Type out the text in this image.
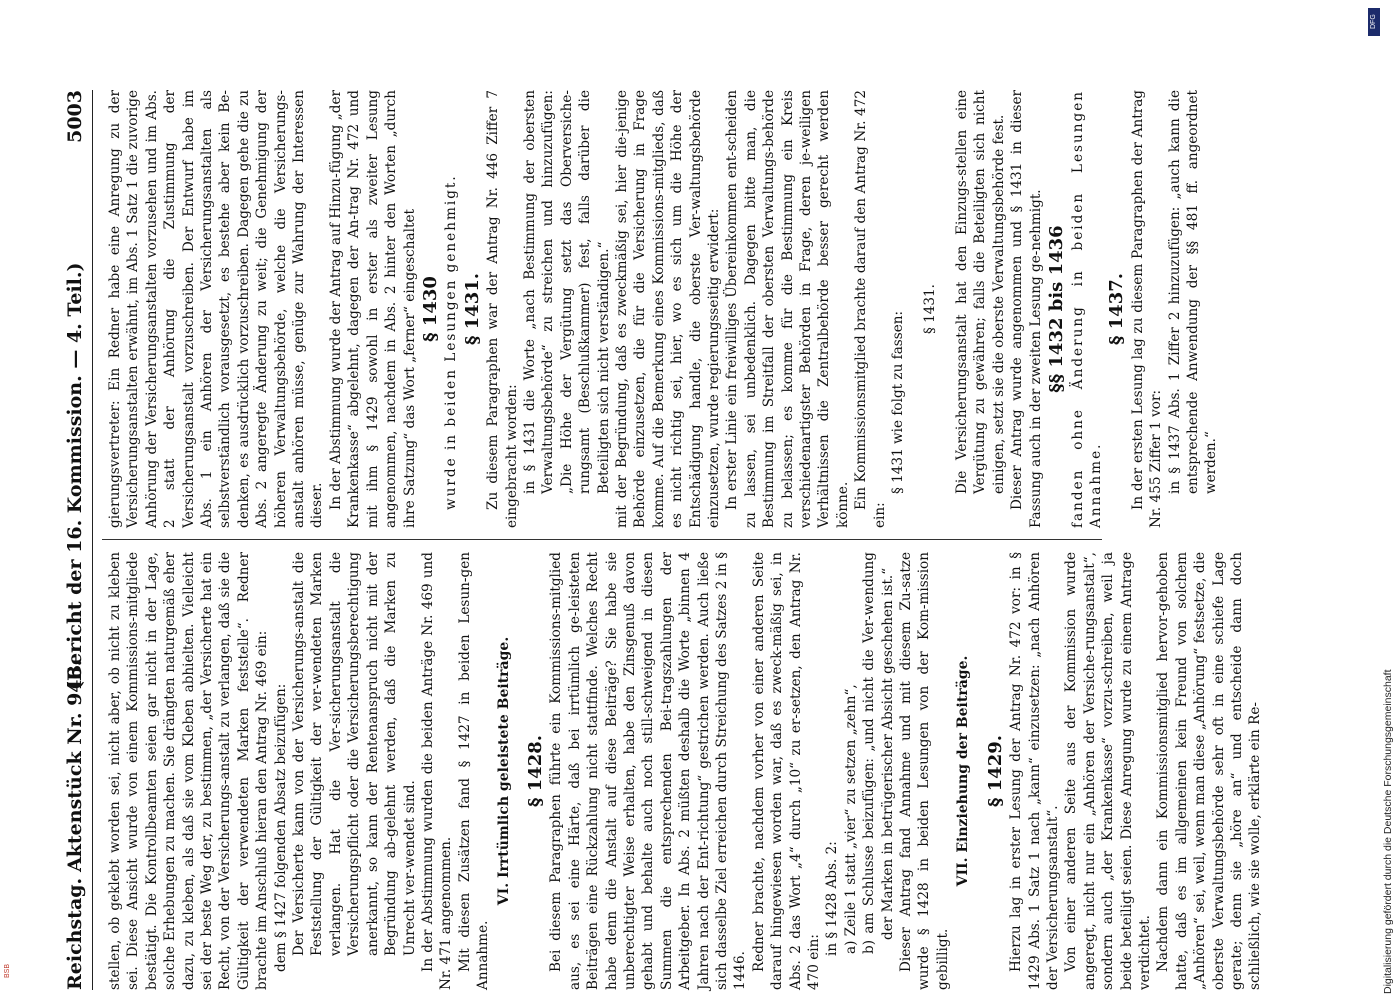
Reichstag.
Aktenstück Nr. 946.
(Bericht der 16. Kommission. — 4. Teil.)
5003

stellen, ob geklebt worden sei, nicht aber, ob nicht zu kleben sei. Diese Ansicht wurde von einem Kommissions-mitgliede bestätigt. Die Kontrollbeamten seien gar nicht in der Lage, solche Erhebungen zu machen. Sie drängten naturgemäß eher dazu, zu kleben, als daß sie vom Kleben abhielten. Vielleicht sei der beste Weg der, zu bestimmen, „der Versicherte hat ein Recht, von der Versicherungs-anstalt zu verlangen, daß sie die Gültigkeit der verwendeten Marken feststelle“. Redner brachte im Anschluß hieran den Antrag Nr. 469 ein: dem § 1427 folgenden Absatz beizufügen: Der Versicherte kann von der Versicherungs-anstalt die Feststellung der Gültigkeit der ver-wendeten Marken verlangen. Hat die Ver-sicherungsanstalt die Versicherungspflicht oder die Versicherungsberechtigung anerkannt, so kann der Rentenanspruch nicht mit der Begründung ab-gelehnt werden, daß die Marken zu Unrecht ver-wendet sind. In der Abstimmung wurden die beiden Anträge Nr. 469 und Nr. 471 angenommen. Mit diesen Zusätzen fand § 1427 in beiden Lesun-gen Annahme.

VI. Irrtümlich geleistete Beiträge. § 1428. Bei diesem Paragraphen führte ein Kommissions-mitglied aus, es sei eine Härte, daß bei irrtümlich ge-leisteten Beiträgen eine Rückzahlung nicht stattfinde. Welches Recht habe denn die Anstalt auf diese Beiträge? Sie habe sie unberechtigter Weise erhalten, habe den Zinsgenuß davon gehabt und behalte auch noch still-schweigend in diesen Summen die entsprechenden Bei-tragszahlungen der Arbeitgeber. In Abs. 2 müßten deshalb die Worte „binnen 4 Jahren nach der Ent-richtung“ gestrichen werden. Auch ließe sich dasselbe Ziel erreichen durch Streichung des Satzes 2 in § 1446. Redner brachte, nachdem vorher von einer anderen Seite darauf hingewiesen worden war, daß es zweck-mäßig sei, in Abs. 2 das Wort „4“ durch „10“ zu er-setzen, den Antrag Nr. 470 ein:

in § 1428 Abs. 2: a) Zeile 1 statt „vier“ zu setzen „zehn“, b) am Schlusse beizufügen: „und nicht die Ver-wendung der Marken in betrügerischer Absicht geschehen ist.“ Dieser Antrag fand Annahme und mit diesem Zu-satze wurde § 1428 in beiden Lesungen von der Kom-mission gebilligt.

VII. Einziehung der Beiträge. § 1429. Hierzu lag in erster Lesung der Antrag Nr. 472 vor: in § 1429 Abs. 1 Satz 1 nach „kann“ einzusetzen: „nach Anhören der Versicherungsanstalt“. Von einer anderen Seite aus der Kommission wurde angeregt, nicht nur ein „Anhören der Versiche-rungsanstalt“, sondern auch „der Krankenkasse“ vorzu-schreiben, weil ja beide beteiligt seien. Diese Anregung wurde zu einem Antrage verdichtet. Nachdem dann ein Kommissionsmitglied hervor-gehoben hatte, daß es im allgemeinen kein Freund von solchem „Anhören“ sei, weil, wenn man diese „Anhörung“ festsetze, die oberste Verwaltungsbehörde sehr oft in eine schiefe Lage gerate; denn sie „höre an“ und entscheide dann doch schließlich, wie sie wolle, erklärte ein Re-

gierungsvertreter: Ein Redner habe eine Anregung zu der Versicherungsanstalten erwähnt, im Abs. 1 Satz 1 die zuvorige Anhörung der Versicherungsanstalten vorzusehen und im Abs. 2 statt der Anhörung die Zustimmung der Versicherungsanstalt vorzuschreiben. Der Entwurf habe im Abs. 1 ein Anhören der Versicherungsanstalten als selbstverständlich vorausgesetzt, es bestehe aber kein Be-denken, es ausdrücklich vorzuschreiben. Dagegen gehe die zu Abs. 2 angeregte Änderung zu weit; die Genehmigung der höheren Verwaltungsbehörde, welche die Versicherungs-anstalt anhören müsse, genüge zur Wahrung der Interessen dieser. In der Abstimmung wurde der Antrag auf Hinzu-fügung „der Krankenkasse“ abgelehnt, dagegen der An-trag Nr. 472 und mit ihm § 1429 sowohl in erster als zweiter Lesung angenommen, nachdem in Abs. 2 hinter den Worten „durch ihre Satzung“ das Wort „ferner“ eingeschaltet § 1430 wurde in beiden Lesungen genehmigt. § 1431. Zu diesem Paragraphen war der Antrag Nr. 446 Ziffer 7 eingebracht worden: in § 1431 die Worte „nach Bestimmung der obersten Verwaltungsbehörde“ zu streichen und hinzuzufügen: „Die Höhe der Vergütung setzt das Oberversiche-rungsamt (Beschlußkammer) fest, falls darüber die Beteiligten sich nicht verständigen.“ mit der Begründung, daß es zweckmäßig sei, hier die-jenige Behörde einzusetzen, die für die Versicherung in Frage komme. Auf die Bemerkung eines Kommissions-mitglieds, daß es nicht richtig sei, hier, wo es sich um die Höhe der Entschädigung handle, die oberste Ver-waltungsbehörde einzusetzen, wurde regierungsseitig erwidert: In erster Linie ein freiwilliges Übereinkommen ent-scheiden zu lassen, sei unbedenklich. Dagegen bitte man, die Bestimmung im Streitfall der obersten Verwaltungs-behörde zu belassen; es komme für die Bestimmung ein Kreis verschiedenartigster Behörden in Frage, deren je-weiligen Verhältnissen die Zentralbehörde besser gerecht werden könne. Ein Kommissionsmitglied brachte darauf den Antrag Nr. 472 ein:

§ 1431 wie folgt zu fassen:

§ 1431. Die Versicherungsanstalt hat den Einzugs-stellen eine Vergütung zu gewähren; falls die Beteiligten sich nicht einigen, setzt sie die oberste Verwaltungsbehörde fest. Dieser Antrag wurde angenommen und § 1431 in dieser Fassung auch in der zweiten Lesung ge-nehmigt. §§ 1432 bis 1436 fanden ohne Änderung in beiden Lesungen Annahme.

§ 1437. In der ersten Lesung lag zu diesem Paragraphen der Antrag Nr. 455 Ziffer 1 vor: in § 1437 Abs. 1 Ziffer 2 hinzuzufügen: „auch kann die entsprechende Anwendung der §§ 481 ff. angeordnet werden.“

Digitalisierung gefördert durch die Deutsche Forschungsgemeinschaft
DFG
BSB
